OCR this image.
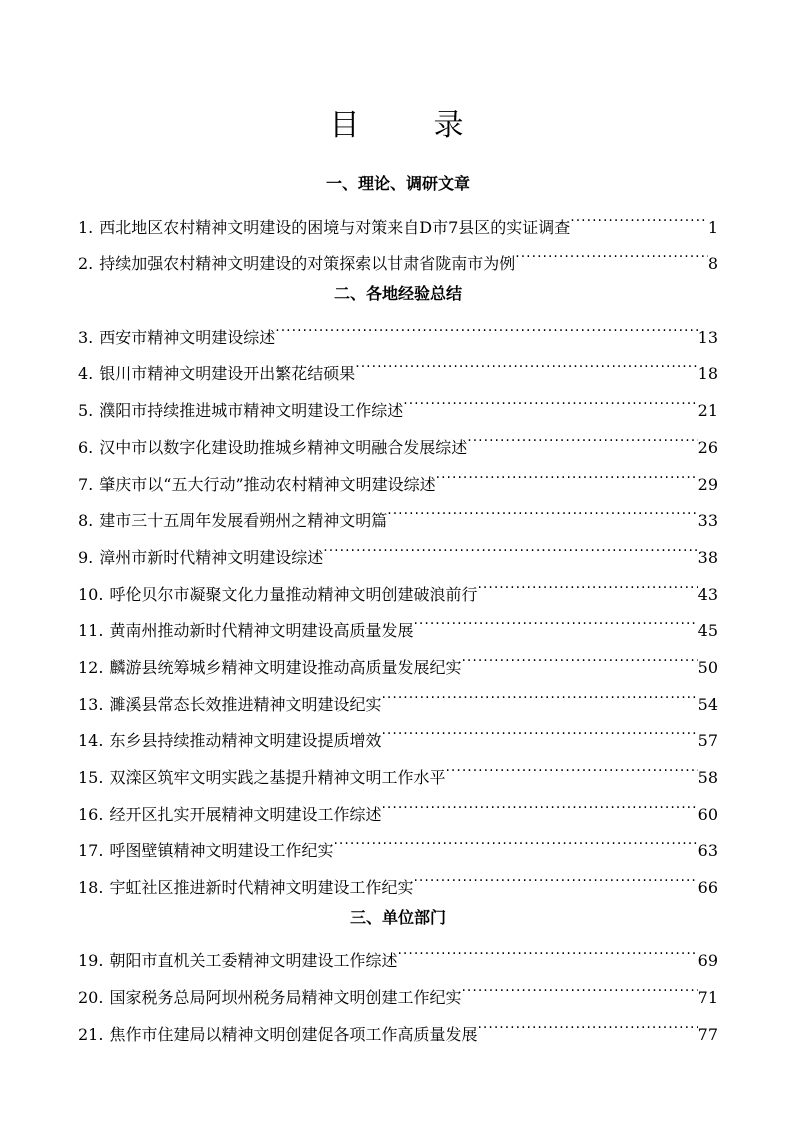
目　录
一、理论、调研文章
1. 西北地区农村精神文明建设的困境与对策来自D市7县区的实证调查 ·····	1
2. 持续加强农村精神文明建设的对策探索以甘肃省陇南市为例 ·····	8
二、各地经验总结
3. 西安市精神文明建设综述 ·····	13
4. 银川市精神文明建设开出繁花结硕果 ·····	18
5. 濮阳市持续推进城市精神文明建设工作综述 ·····	21
6. 汉中市以数字化建设助推城乡精神文明融合发展综述 ·····	26
7. 肇庆市以“五大行动”推动农村精神文明建设综述 ·····	29
8. 建市三十五周年发展看朔州之精神文明篇 ·····	33
9. 漳州市新时代精神文明建设综述 ·····	38
10. 呼伦贝尔市凝聚文化力量推动精神文明创建破浪前行 ·····	43
11. 黄南州推动新时代精神文明建设高质量发展 ·····	45
12. 麟游县统筹城乡精神文明建设推动高质量发展纪实 ·····	50
13. 濉溪县常态长效推进精神文明建设纪实 ·····	54
14. 东乡县持续推动精神文明建设提质增效 ·····	57
15. 双滦区筑牢文明实践之基提升精神文明工作水平 ·····	58
16. 经开区扎实开展精神文明建设工作综述 ·····	60
17. 呼图壁镇精神文明建设工作纪实 ·····	63
18. 宇虹社区推进新时代精神文明建设工作纪实 ·····	66
三、单位部门
19. 朝阳市直机关工委精神文明建设工作综述 ·····	69
20. 国家税务总局阿坝州税务局精神文明创建工作纪实 ·····	71
21. 焦作市住建局以精神文明创建促各项工作高质量发展 ·····	77
